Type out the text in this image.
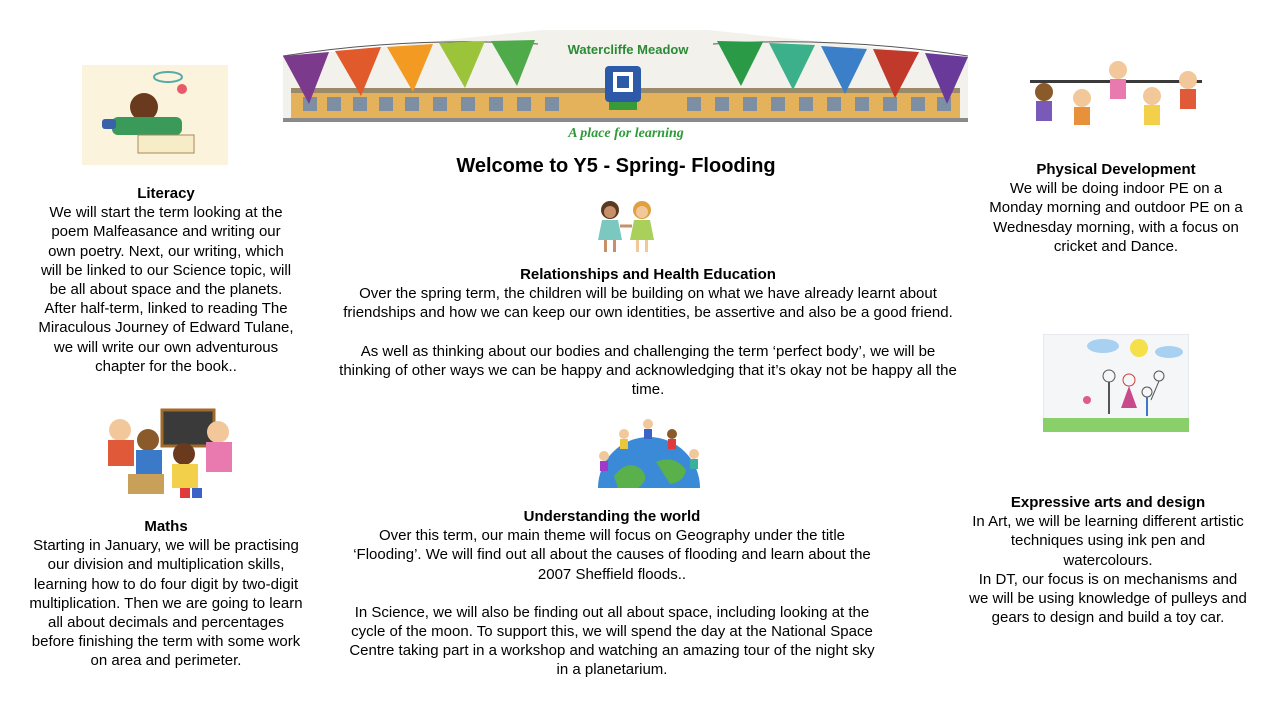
Watercliffe Meadow
A place for learning
Welcome to Y5 - Spring- Flooding
Literacy

We will start the term looking at the poem Malfeasance and writing our own poetry. Next, our writing, which will be linked to our Science topic, will be all about space and the planets. After half-term, linked to reading The Miraculous Journey of Edward Tulane, we will write our own adventurous chapter for the book..

Maths

Starting in January, we will be practising our division and multiplication skills, learning how to do four digit by two-digit multiplication. Then we are going to learn all about decimals and percentages before finishing the term with some work on area and perimeter.

Relationships and Health Education

Over the spring term, the children will be building on what we have already learnt about friendships and how we can keep our own identities, be assertive and also be a good friend.

As well as thinking about our bodies and challenging the term ‘perfect body’, we will be thinking of other ways we can be happy and acknowledging that it’s okay not be happy all the time.

Understanding the world

Over this term, our main theme will focus on Geography under the title ‘Flooding’. We will find out all about the causes of flooding and learn about the 2007 Sheffield floods..

In Science, we will also be finding out all about space, including looking at the cycle of the moon. To support this, we will spend the day at the National Space Centre taking part in a workshop and watching an amazing tour of the night sky in a planetarium.

Physical Development

We will be doing indoor PE on a Monday morning and outdoor PE on a Wednesday morning, with a focus on cricket and Dance.

Expressive arts and design

In Art, we will be learning different artistic techniques using ink pen and watercolours.

In DT, our focus is on mechanisms and we will be using knowledge of pulleys and gears to design and build a toy car.
